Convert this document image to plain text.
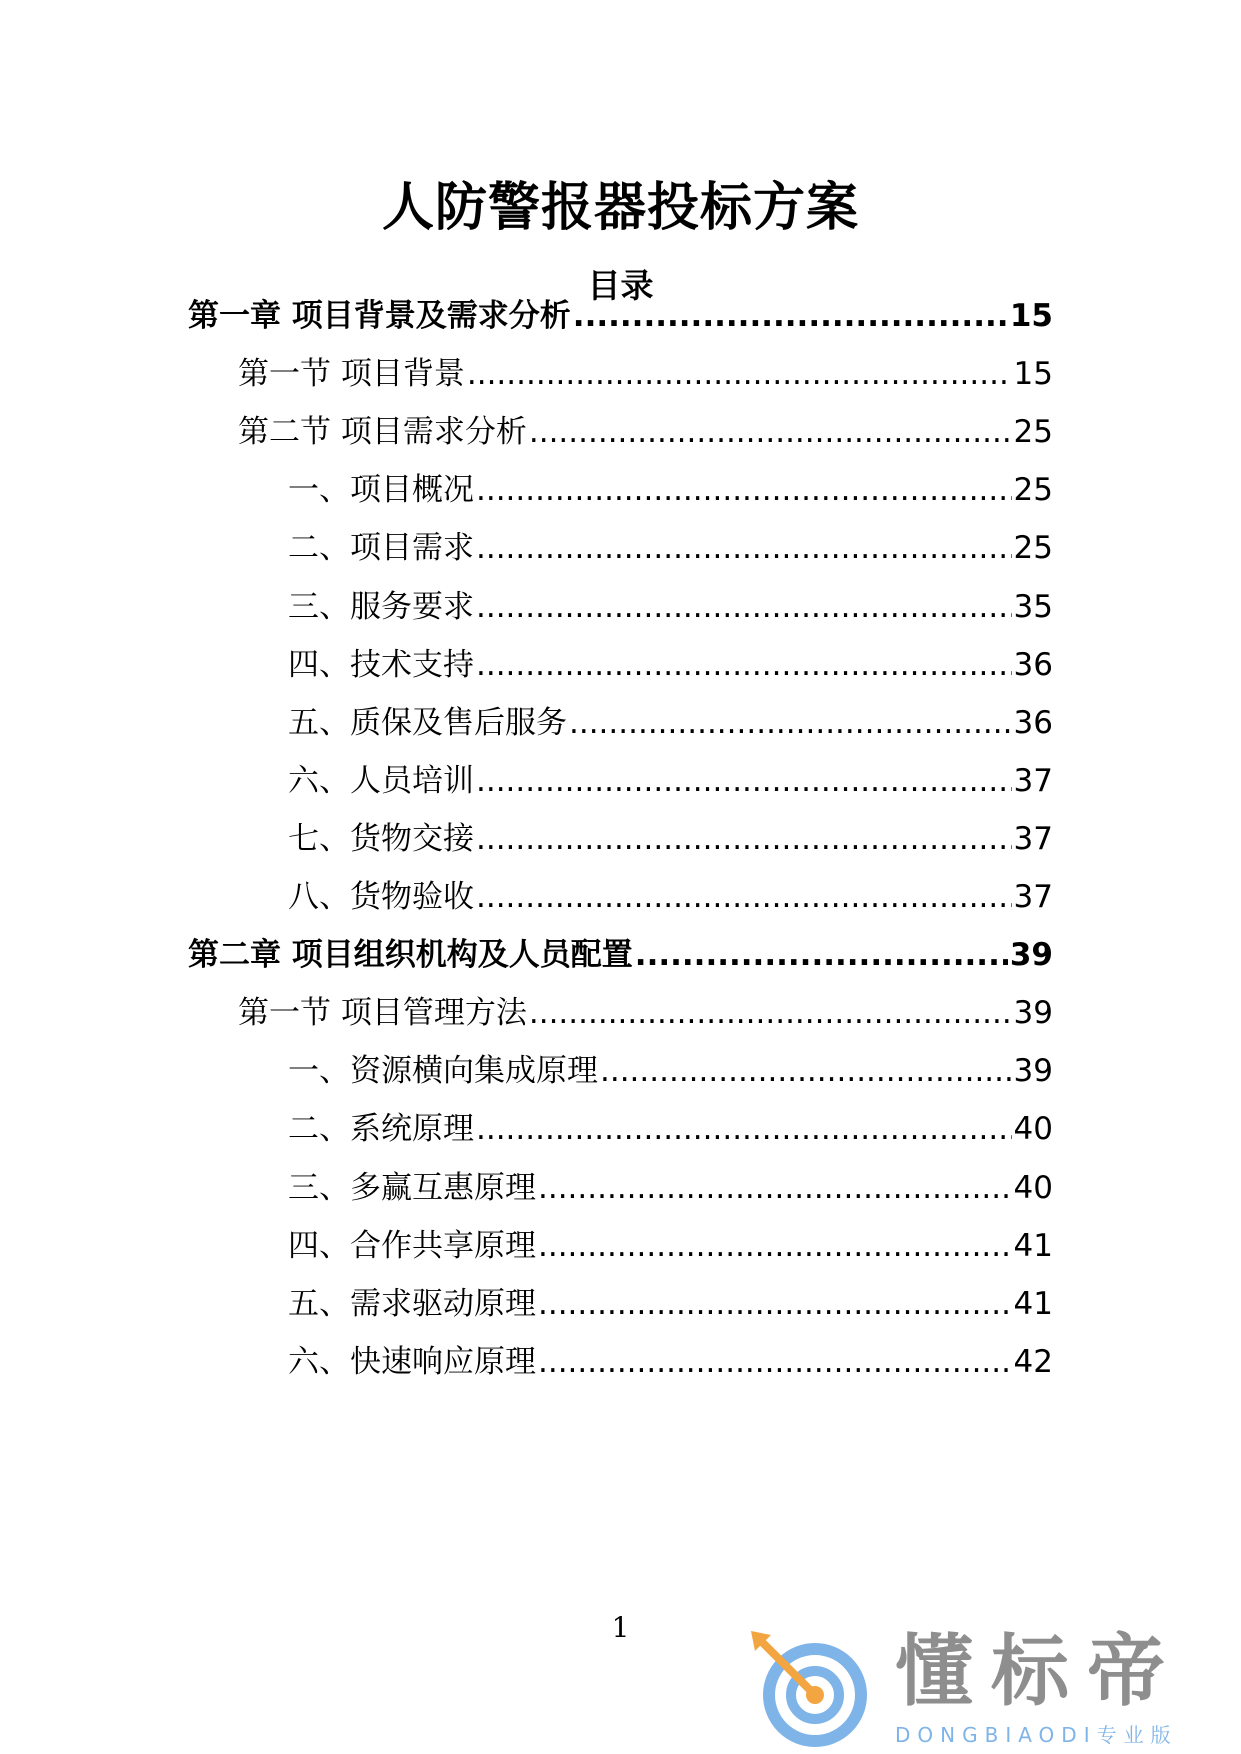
人防警报器投标方案
目录
第一章 项目背景及需求分析 .....	15
第一节 项目背景 .....	15
第二节 项目需求分析 .....	25
一、项目概况 .....	25
二、项目需求 .....	25
三、服务要求 .....	35
四、技术支持 .....	36
五、质保及售后服务 .....	36
六、人员培训 .....	37
七、货物交接 .....	37
八、货物验收 .....	37
第二章 项目组织机构及人员配置 .....	39
第一节 项目管理方法 .....	39
一、资源横向集成原理 .....	39
二、系统原理 .....	40
三、多赢互惠原理 .....	40
四、合作共享原理 .....	41
五、需求驱动原理 .....	41
六、快速响应原理 .....	42
1	懂标帝
DONGBIAODI专业版
